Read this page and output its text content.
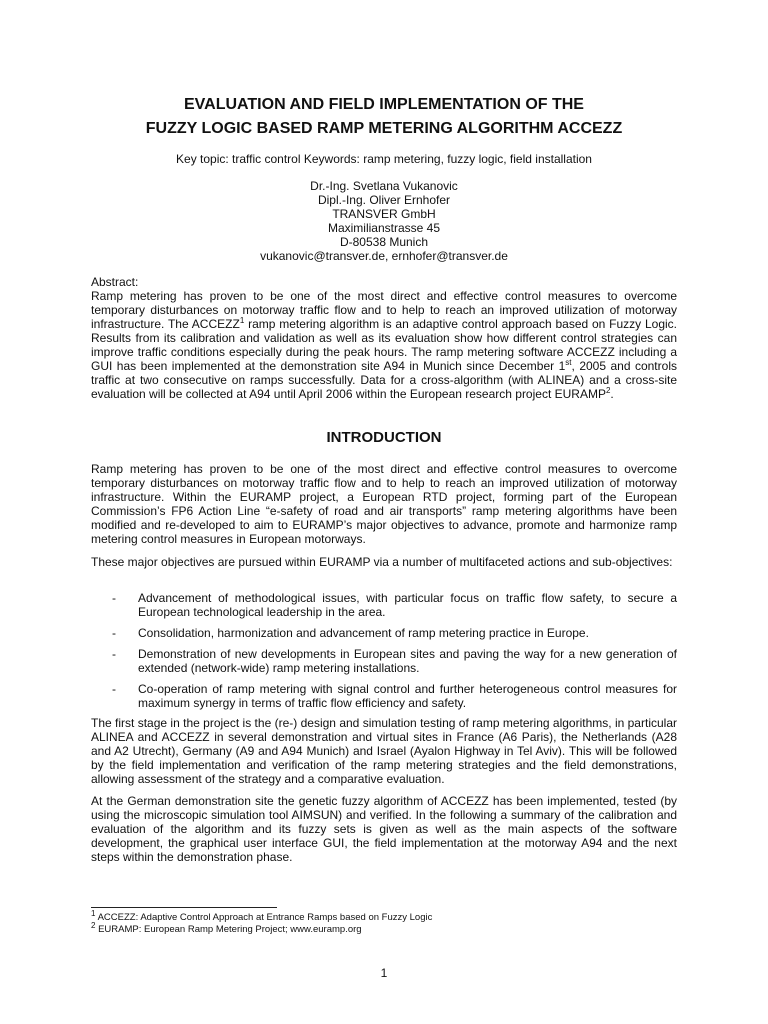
EVALUATION AND FIELD IMPLEMENTATION OF THE
FUZZY LOGIC BASED RAMP METERING ALGORITHM ACCEZZ
Key topic: traffic control Keywords: ramp metering, fuzzy logic, field installation
Dr.-Ing. Svetlana Vukanovic
Dipl.-Ing. Oliver Ernhofer
TRANSVER GmbH
Maximilianstrasse 45
D-80538 Munich
vukanovic@transver.de, ernhofer@transver.de
Abstract:

Ramp metering has proven to be one of the most direct and effective control measures to overcome temporary disturbances on motorway traffic flow and to help to reach an improved utilization of motorway infrastructure. The ACCEZZ$^1$ ramp metering algorithm is an adaptive control approach based on Fuzzy Logic. Results from its calibration and validation as well as its evaluation show how different control strategies can improve traffic conditions especially during the peak hours. The ramp metering software ACCEZZ including a GUI has been implemented at the demonstration site A94 in Munich since December 1st, 2005 and controls traffic at two consecutive on ramps successfully. Data for a cross-algorithm (with ALINEA) and a cross-site evaluation will be collected at A94 until April 2006 within the European research project EURAMP$^2$.

INTRODUCTION

Ramp metering has proven to be one of the most direct and effective control measures to overcome temporary disturbances on motorway traffic flow and to help to reach an improved utilization of motorway infrastructure. Within the EURAMP project, a European RTD project, forming part of the European Commission’s FP6 Action Line “e-safety of road and air transports” ramp metering algorithms have been modified and re-developed to aim to EURAMP’s major objectives to advance, promote and harmonize ramp metering control measures in European motorways.

These major objectives are pursued within EURAMP via a number of multifaceted actions and sub-objectives:

- Advancement of methodological issues, with particular focus on traffic flow safety, to secure a European technological leadership in the area.
- Consolidation, harmonization and advancement of ramp metering practice in Europe.
- Demonstration of new developments in European sites and paving the way for a new generation of extended (network-wide) ramp metering installations.
- Co-operation of ramp metering with signal control and further heterogeneous control measures for maximum synergy in terms of traffic flow efficiency and safety.

The first stage in the project is the (re-) design and simulation testing of ramp metering algorithms, in particular ALINEA and ACCEZZ in several demonstration and virtual sites in France (A6 Paris), the Netherlands (A28 and A2 Utrecht), Germany (A9 and A94 Munich) and Israel (Ayalon Highway in Tel Aviv). This will be followed by the field implementation and verification of the ramp metering strategies and the field demonstrations, allowing assessment of the strategy and a comparative evaluation.

At the German demonstration site the genetic fuzzy algorithm of ACCEZZ has been implemented, tested (by using the microscopic simulation tool AIMSUN) and verified. In the following a summary of the calibration and evaluation of the algorithm and its fuzzy sets is given as well as the main aspects of the software development, the graphical user interface GUI, the field implementation at the motorway A94 and the next steps within the demonstration phase.

$^1$ ACCEZZ: Adaptive Control Approach at Entrance Ramps based on Fuzzy Logic
$^2$ EURAMP: European Ramp Metering Project; www.euramp.org
1
